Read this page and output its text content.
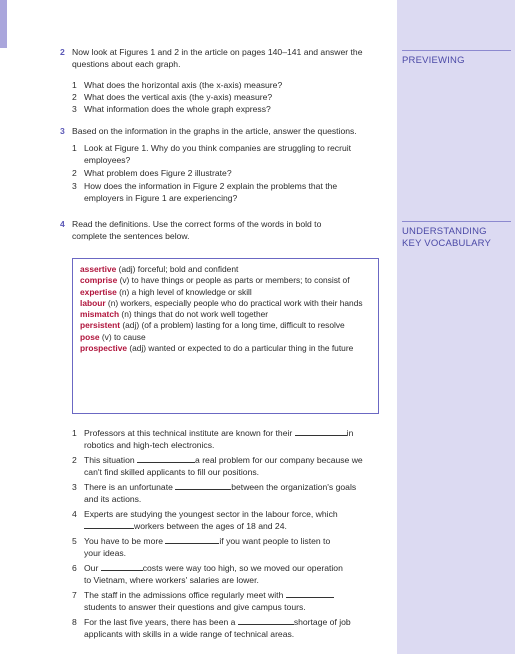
PREVIEWING
UNDERSTANDING
KEY VOCABULARY
2 Now look at Figures 1 and 2 in the article on pages 140–141 and answer the
questions about each graph.
1 What does the horizontal axis (the x-axis) measure?
2 What does the vertical axis (the y-axis) measure?
3 What information does the whole graph express?
3 Based on the information in the graphs in the article, answer the questions.
1 Look at Figure 1. Why do you think companies are struggling to recruit
employees?
2 What problem does Figure 2 illustrate?
3 How does the information in Figure 2 explain the problems that the
employers in Figure 1 are experiencing?
4 Read the definitions. Use the correct forms of the words in bold to
complete the sentences below.
assertive (adj) forceful; bold and confident
comprise (v) to have things or people as parts or members; to consist of
expertise (n) a high level of knowledge or skill
labour (n) workers, especially people who do practical work with their hands
mismatch (n) things that do not work well together
persistent (adj) (of a problem) lasting for a long time, difficult to resolve
pose (v) to cause
prospective (adj) wanted or expected to do a particular thing in the future
1 Professors at this technical institute are known for their	in
robotics and high-tech electronics.
2 This situation	a real problem for our company because we
can't find skilled applicants to fill our positions.
3 There is an unfortunate	between the organization's goals
and its actions.
4 Experts are studying the youngest sector in the labour force, which
workers between the ages of 18 and 24.
5 You have to be more	if you want people to listen to
your ideas.
6 Our	costs were way too high, so we moved our operation
to Vietnam, where workers' salaries are lower.
7 The staff in the admissions office regularly meet with
students to answer their questions and give campus tours.
8 For the last five years, there has been a	shortage of job
applicants with skills in a wide range of technical areas.
